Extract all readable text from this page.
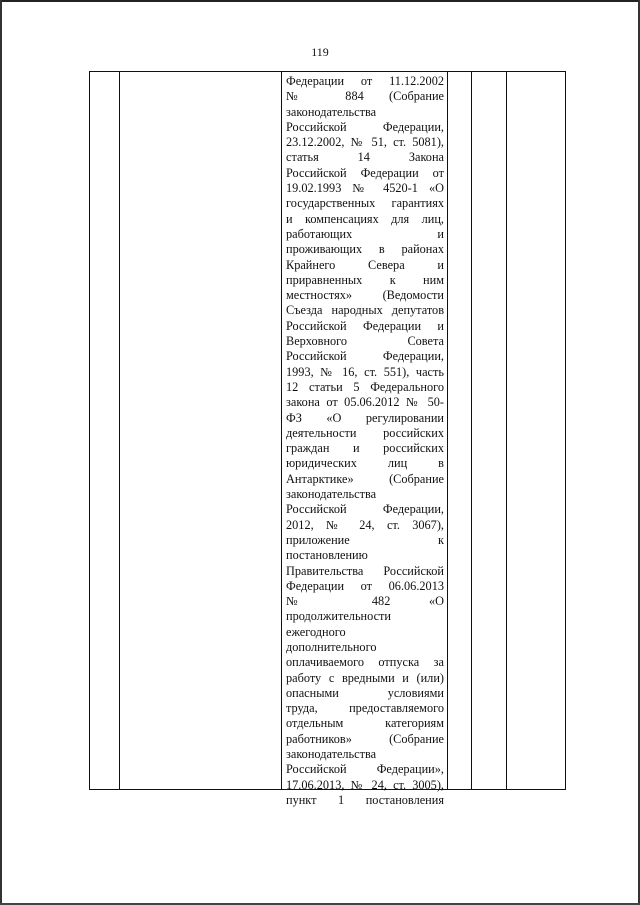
119
Федерации от 11.12.2002
№ 884 (Собрание
законодательства
Российской Федерации,
23.12.2002, № 51, ст. 5081),
статья 14 Закона
Российской Федерации от
19.02.1993 № 4520-1 «О
государственных гарантиях
и компенсациях для лиц,
работающих и
проживающих в районах
Крайнего Севера и
приравненных к ним
местностях» (Ведомости
Съезда народных депутатов
Российской Федерации и
Верховного Совета
Российской Федерации,
1993, № 16, ст. 551), часть
12 статьи 5 Федерального
закона от 05.06.2012 № 50-
ФЗ «О регулировании
деятельности российских
граждан и российских
юридических лиц в
Антарктике» (Собрание
законодательства
Российской Федерации,
2012, № 24, ст. 3067),
приложение к
постановлению
Правительства Российской
Федерации от 06.06.2013
№ 482 «О
продолжительности
ежегодного
дополнительного
оплачиваемого отпуска за
работу с вредными и (или)
опасными условиями
труда, предоставляемого
отдельным категориям
работников» (Собрание
законодательства
Российской Федерации»,
17.06.2013, № 24, ст. 3005),
пункт 1 постановления
